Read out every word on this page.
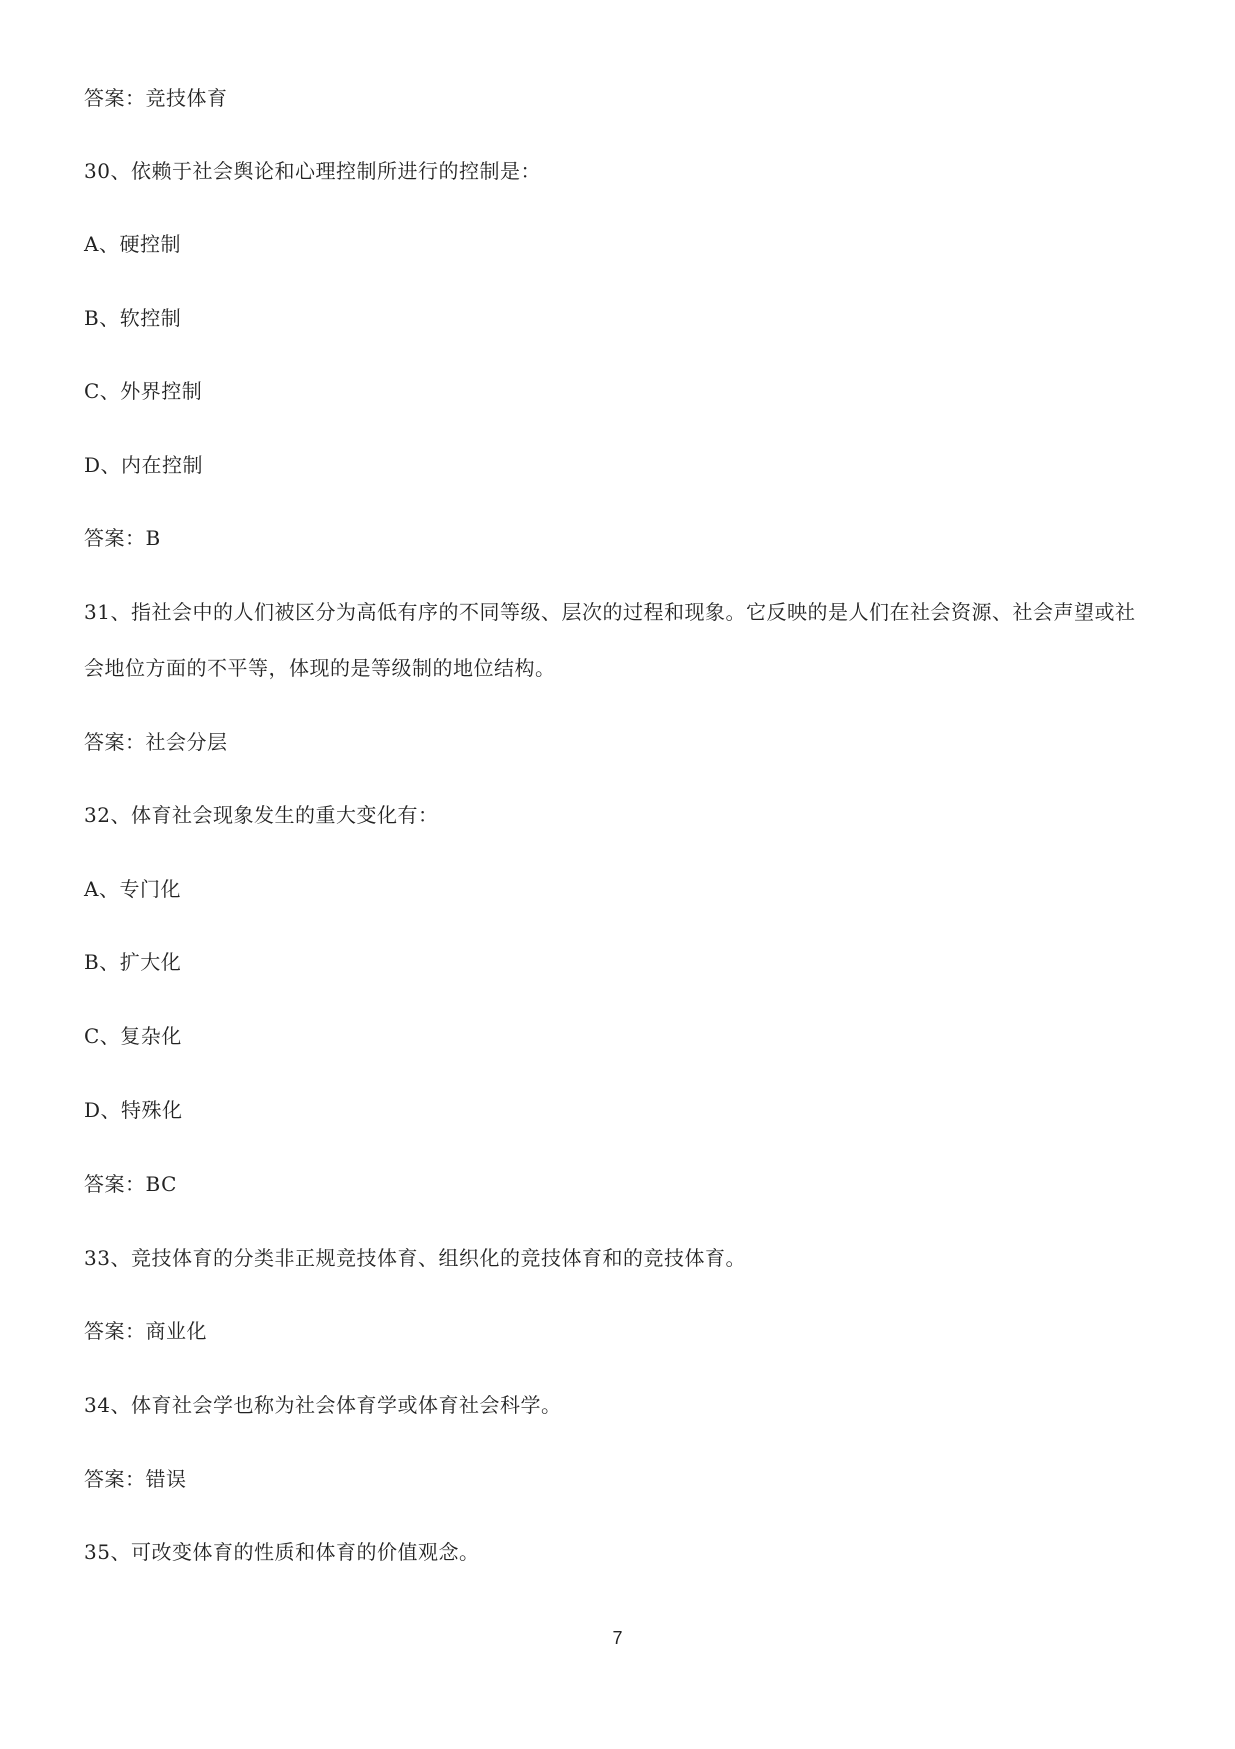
答案：竞技体育
30、依赖于社会舆论和心理控制所进行的控制是：
A、硬控制
B、软控制
C、外界控制
D、内在控制
答案：B
31、指社会中的人们被区分为高低有序的不同等级、层次的过程和现象。它反映的是人们在社会资源、社会声望或社会地位方面的不平等，体现的是等级制的地位结构。
答案：社会分层
32、体育社会现象发生的重大变化有：
A、专门化
B、扩大化
C、复杂化
D、特殊化
答案：BC
33、竞技体育的分类非正规竞技体育、组织化的竞技体育和的竞技体育。
答案：商业化
34、体育社会学也称为社会体育学或体育社会科学。
答案：错误
35、可改变体育的性质和体育的价值观念。
7
